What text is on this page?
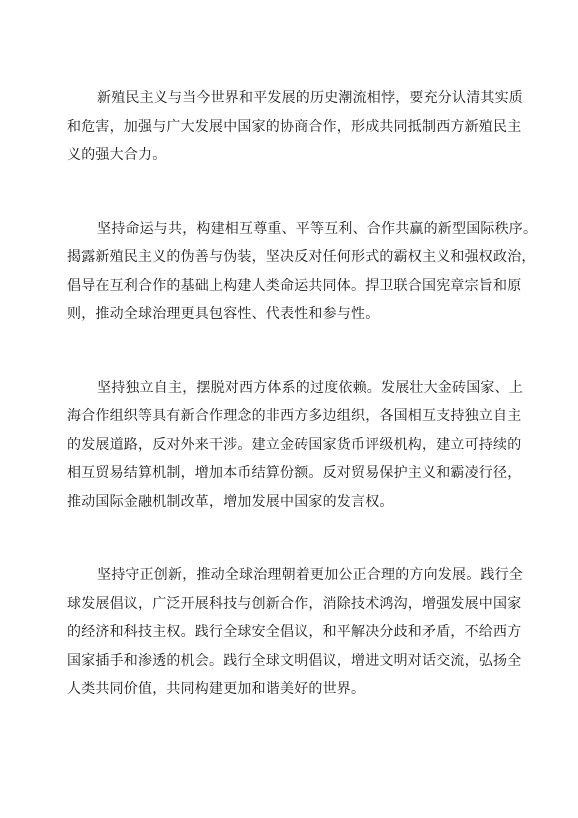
新殖民主义与当今世界和平发展的历史潮流相悖，要充分认清其实质
和危害，加强与广大发展中国家的协商合作，形成共同抵制西方新殖民主
义的强大合力。

坚持命运与共，构建相互尊重、平等互利、合作共赢的新型国际秩序。
揭露新殖民主义的伪善与伪装，坚决反对任何形式的霸权主义和强权政治，
倡导在互利合作的基础上构建人类命运共同体。捍卫联合国宪章宗旨和原
则，推动全球治理更具包容性、代表性和参与性。

坚持独立自主，摆脱对西方体系的过度依赖。发展壮大金砖国家、上
海合作组织等具有新合作理念的非西方多边组织，各国相互支持独立自主
的发展道路，反对外来干涉。建立金砖国家货币评级机构，建立可持续的
相互贸易结算机制，增加本币结算份额。反对贸易保护主义和霸凌行径，
推动国际金融机制改革，增加发展中国家的发言权。

坚持守正创新，推动全球治理朝着更加公正合理的方向发展。践行全
球发展倡议，广泛开展科技与创新合作，消除技术鸿沟，增强发展中国家
的经济和科技主权。践行全球安全倡议，和平解决分歧和矛盾，不给西方
国家插手和渗透的机会。践行全球文明倡议，增进文明对话交流，弘扬全
人类共同价值，共同构建更加和谐美好的世界。
